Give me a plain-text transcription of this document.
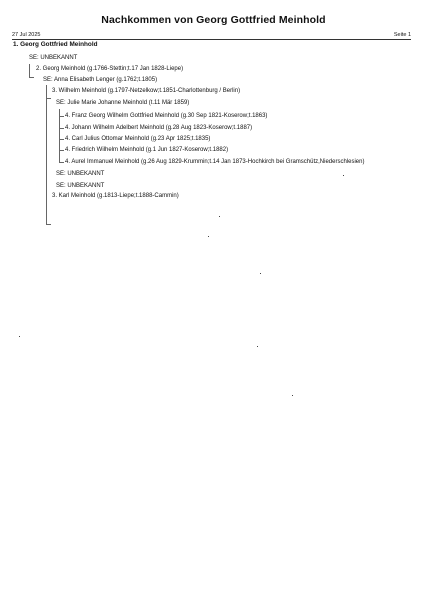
Nachkommen von Georg Gottfried Meinhold
27 Jul 2025	Seite 1
1. Georg Gottfried Meinhold
SE: UNBEKANNT
2. Georg Meinhold (g.1766-Stettin;t.17 Jan 1828-Liepe)
SE: Anna Elisabeth Lenger (g.1762;t.1805)
3. Wilhelm Meinhold (g.1797-Netzelkow;t.1851-Charlottenburg / Berlin)
SE: Julie Marie Johanne Meinhold (t.11 Mär 1859)
4. Franz Georg Wilhelm Gottfried Meinhold (g.30 Sep 1821-Koserow;t.1863)
4. Johann Wilhelm Adelbert Meinhold (g.28 Aug 1823-Koserow;t.1887)
4. Carl Julius Ottomar Meinhold (g.23 Apr 1825;t.1835)
4. Friedrich Wilhelm Meinhold (g.1 Jun 1827-Koserow;t.1882)
4. Aurel Immanuel Meinhold (g.26 Aug 1829-Krummin;t.14 Jan 1873-Hochkirch bei Gramschütz,Niederschlesien)
SE: UNBEKANNT
SE: UNBEKANNT
3. Karl Meinhold (g.1813-Liepe;t.1888-Cammin)
